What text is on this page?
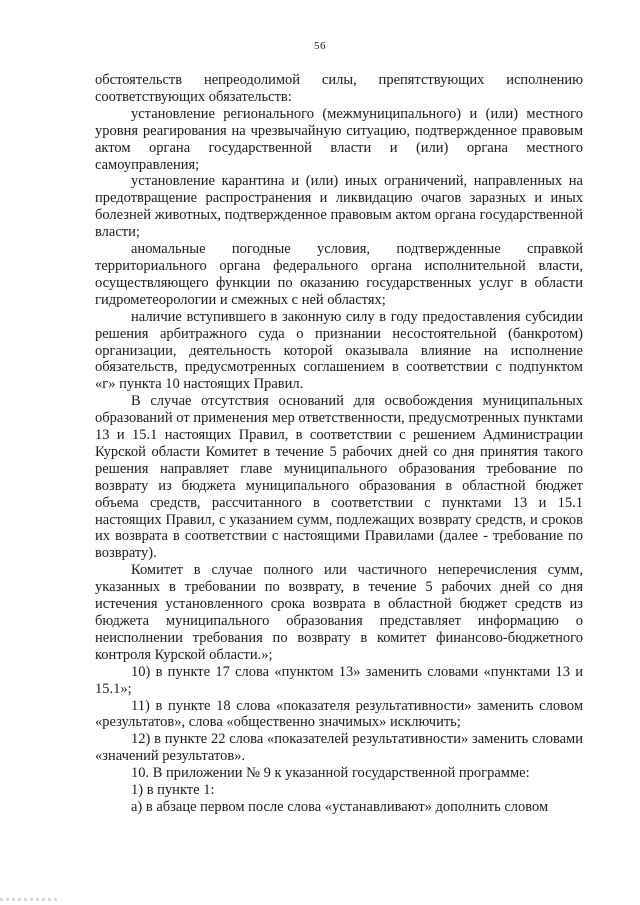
56

обстоятельств непреодолимой силы, препятствующих исполнению соответствующих обязательств:

установление регионального (межмуниципального) и (или) местного уровня реагирования на чрезвычайную ситуацию, подтвержденное правовым актом органа государственной власти и (или) органа местного самоуправления;

установление карантина и (или) иных ограничений, направленных на предотвращение распространения и ликвидацию очагов заразных и иных болезней животных, подтвержденное правовым актом органа государственной власти;

аномальные погодные условия, подтвержденные справкой территориального органа федерального органа исполнительной власти, осуществляющего функции по оказанию государственных услуг в области гидрометеорологии и смежных с ней областях;

наличие вступившего в законную силу в году предоставления субсидии решения арбитражного суда о признании несостоятельной (банкротом) организации, деятельность которой оказывала влияние на исполнение обязательств, предусмотренных соглашением в соответствии с подпунктом «г» пункта 10 настоящих Правил.

В случае отсутствия оснований для освобождения муниципальных образований от применения мер ответственности, предусмотренных пунктами 13 и 15.1 настоящих Правил, в соответствии с решением Администрации Курской области Комитет в течение 5 рабочих дней со дня принятия такого решения направляет главе муниципального образования требование по возврату из бюджета муниципального образования в областной бюджет объема средств, рассчитанного в соответствии с пунктами 13 и 15.1 настоящих Правил, с указанием сумм, подлежащих возврату средств, и сроков их возврата в соответствии с настоящими Правилами (далее - требование по возврату).

Комитет в случае полного или частичного неперечисления сумм, указанных в требовании по возврату, в течение 5 рабочих дней со дня истечения установленного срока возврата в областной бюджет средств из бюджета муниципального образования представляет информацию о неисполнении требования по возврату в комитет финансово-бюджетного контроля Курской области.»;

10) в пункте 17 слова «пунктом 13» заменить словами «пунктами 13 и 15.1»;

11) в пункте 18 слова «показателя результативности» заменить словом «результатов», слова «общественно значимых» исключить;

12) в пункте 22 слова «показателей результативности» заменить словами «значений результатов».

10. В приложении № 9 к указанной государственной программе:

1) в пункте 1:

а) в абзаце первом после слова «устанавливают» дополнить словом
